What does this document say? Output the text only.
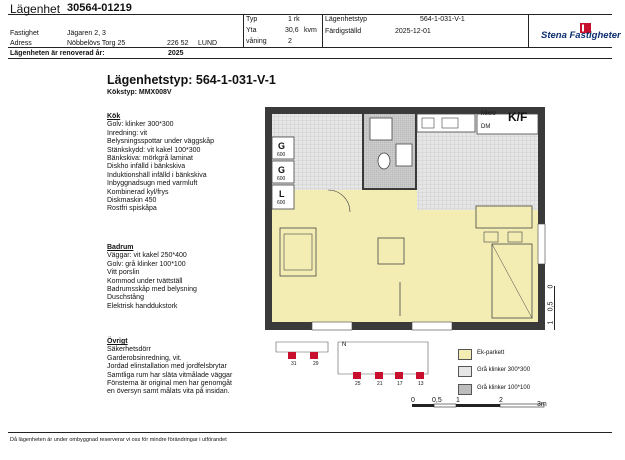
Lägenhet 30564-01219
Fastighet	Jägaren 2, 3
Adress	Nöbbelövs Torg 25	226 52 LUND
Lägenheten är renoverad år:	2025
Typ	1 rk
Yta	30,6 kvm
våning	2
Lägenhetstyp	564-1-031-V-1
Färdigställd	2025-12-01	Stena Fastigheter
Lägenhetstyp: 564-1-031-V-1
Kökstyp: MMX008V
Kök
Golv: klinker 300*300
Inredning: vit
Belysningsspottar under väggskåp
Stänkskydd: vit kakel 100*300
Bänkskiva: mörkgrå laminat
Diskho infälld i bänkskiva
Induktionshäll infälld i bänkskiva
Inbyggnadsugn med varmluft
Kombinerad kyl/frys
Diskmaskin 450
Rostfri spiskåpa
Badrum
Väggar: vit kakel 250*400
Golv: grå klinker 100*100
Vitt porslin
Kommod under tvättställ
Badrumsskåp med belysning
Duschstång
Elektrisk handdukstork
Övrigt
Säkerhetsdörr
Garderobsinredning, vit.
Jordad elinstallation med jordfelsbrytar
Samtliga rum har släta vitmålade väggar
Fönsterna är original men har genomgåt
en översyn samt målats vita på insidan.
K/F
Mikro
DM
G
600
G
600
L
600
0
0,5
1
31	29
25	21	17	13
N
Ek-parkett
Grå klinker 300*300
Grå klinker 100*100
0 0,5 1	2
3m
Då lägenheten är under ombyggnad reserverar vi oss för mindre förändringar i utförandet
